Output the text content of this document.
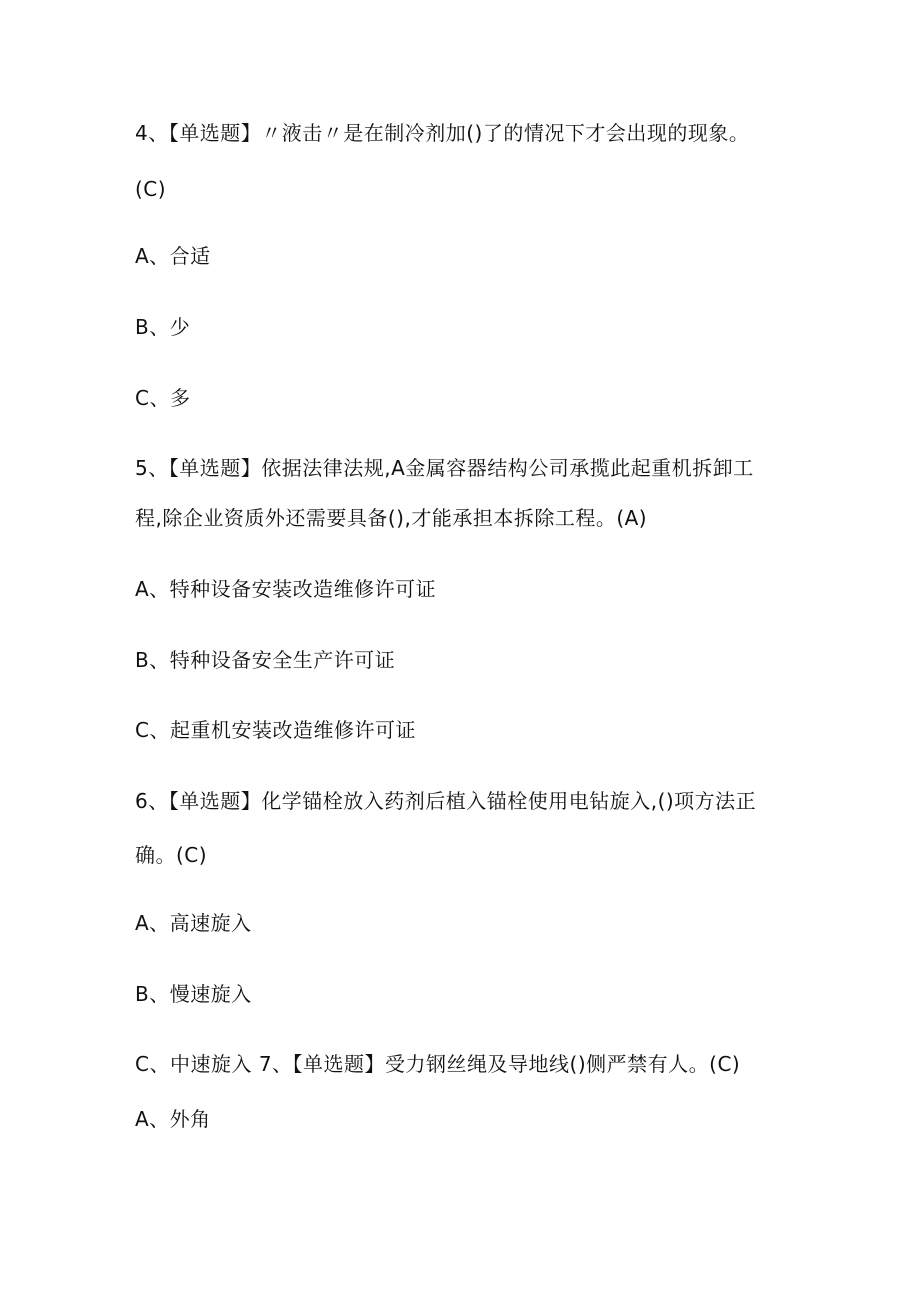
4、【单选题】〃液击〃是在制冷剂加()了的情况下才会出现的现象。
(C)
A、合适
B、少
C、多
5、【单选题】依据法律法规,A金属容器结构公司承揽此起重机拆卸工
程,除企业资质外还需要具备(),才能承担本拆除工程。(A)
A、特种设备安装改造维修许可证
B、特种设备安全生产许可证
C、起重机安装改造维修许可证
6、【单选题】化学锚栓放入药剂后植入锚栓使用电钻旋入,()项方法正
确。(C)
A、高速旋入
B、慢速旋入
C、中速旋入 7、【单选题】受力钢丝绳及导地线()侧严禁有人。(C)
A、外角
